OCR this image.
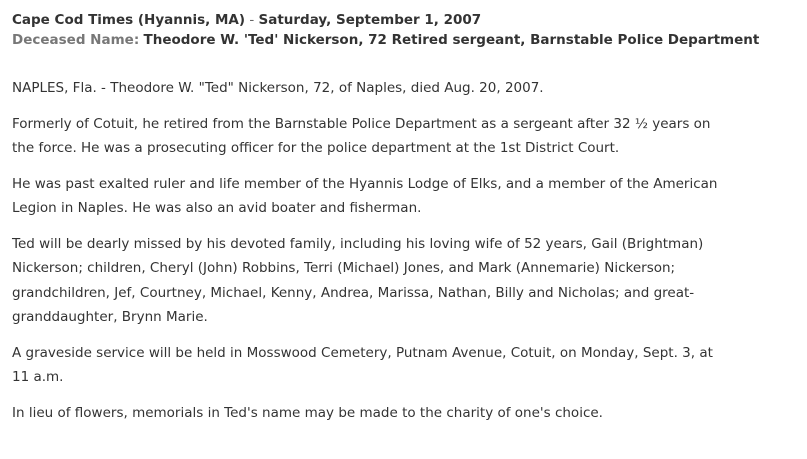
Cape Cod Times (Hyannis, MA) - Saturday, September 1, 2007
Deceased Name: Theodore W. 'Ted' Nickerson, 72 Retired sergeant, Barnstable Police Department

NAPLES, Fla. - Theodore W. "Ted" Nickerson, 72, of Naples, died Aug. 20, 2007.

Formerly of Cotuit, he retired from the Barnstable Police Department as a sergeant after 32 ½ years on the force. He was a prosecuting officer for the police department at the 1st District Court.

He was past exalted ruler and life member of the Hyannis Lodge of Elks, and a member of the American Legion in Naples. He was also an avid boater and fisherman.

Ted will be dearly missed by his devoted family, including his loving wife of 52 years, Gail (Brightman) Nickerson; children, Cheryl (John) Robbins, Terri (Michael) Jones, and Mark (Annemarie) Nickerson; grandchildren, Jef, Courtney, Michael, Kenny, Andrea, Marissa, Nathan, Billy and Nicholas; and great-granddaughter, Brynn Marie.

A graveside service will be held in Mosswood Cemetery, Putnam Avenue, Cotuit, on Monday, Sept. 3, at 11 a.m.

In lieu of flowers, memorials in Ted's name may be made to the charity of one's choice.
